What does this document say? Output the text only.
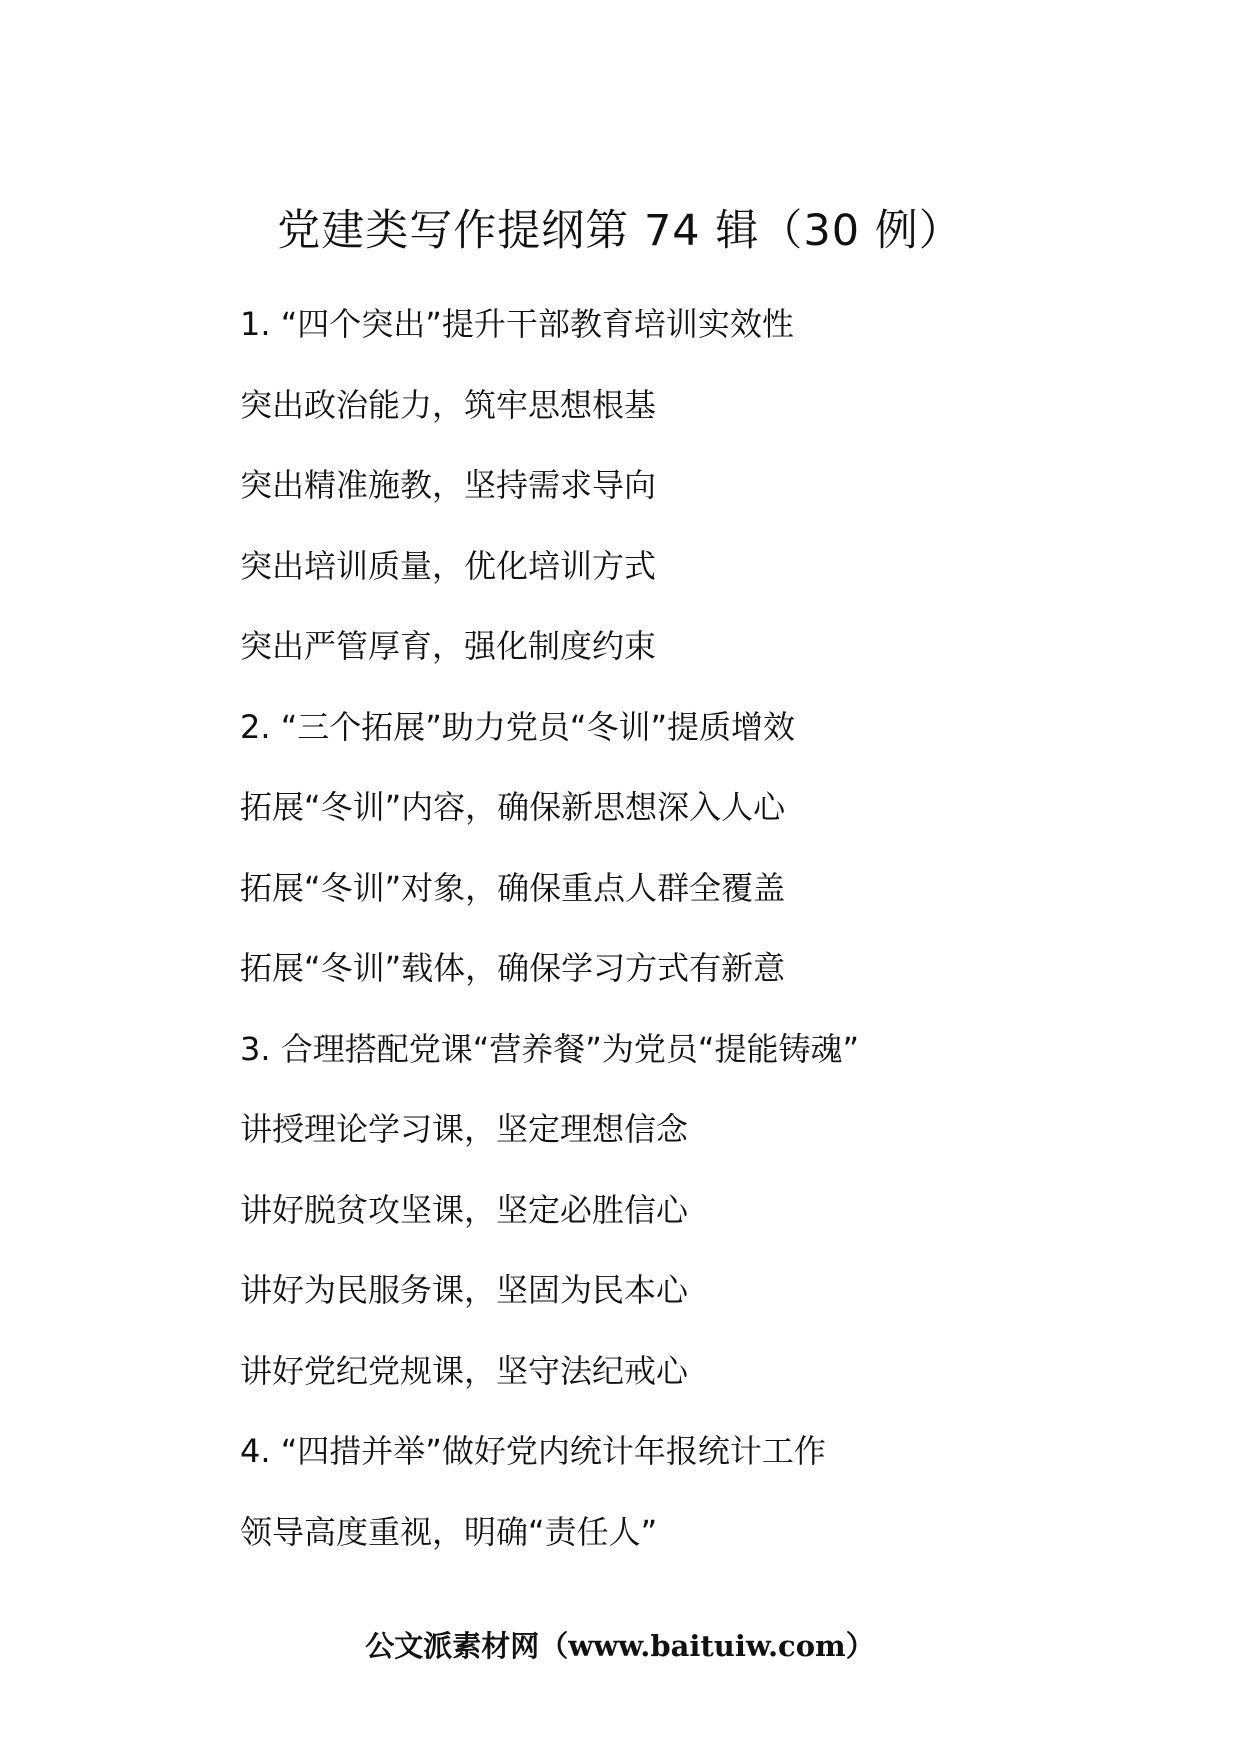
党建类写作提纲第 74 辑（30 例）
1. “四个突出”提升干部教育培训实效性
突出政治能力，筑牢思想根基
突出精准施教，坚持需求导向
突出培训质量，优化培训方式
突出严管厚育，强化制度约束
2. “三个拓展”助力党员“冬训”提质增效
拓展“冬训”内容，确保新思想深入人心
拓展“冬训”对象，确保重点人群全覆盖
拓展“冬训”载体，确保学习方式有新意
3. 合理搭配党课“营养餐”为党员“提能铸魂”
讲授理论学习课，坚定理想信念
讲好脱贫攻坚课，坚定必胜信心
讲好为民服务课，坚固为民本心
讲好党纪党规课，坚守法纪戒心
4. “四措并举”做好党内统计年报统计工作
领导高度重视，明确“责任人”
公文派素材网（www.baituiw.com）
